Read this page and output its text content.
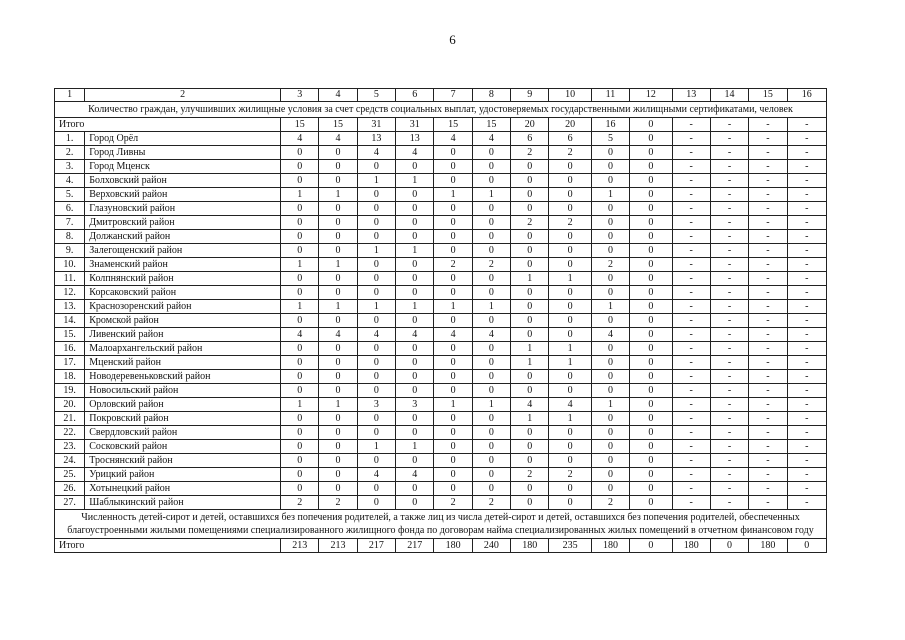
6
1	2	3	4	5	6	7	8	9	10	11	12	13	14	15	16
Количество граждан, улучшивших жилищные условия за счет средств социальных выплат, удостоверяемых государственными жилищными сертификатами, человек															
Итого		15	15	31	31	15	15	20	20	16	0	-	-	-	-
1.	Город Орёл	4	4	13	13	4	4	6	6	5	0	-	-	-	-
2.	Город Ливны	0	0	4	4	0	0	2	2	0	0	-	-	-	-
3.	Город Мценск	0	0	0	0	0	0	0	0	0	0	-	-	-	-
4.	Болховский район	0	0	1	1	0	0	0	0	0	0	-	-	-	-
5.	Верховский район	1	1	0	0	1	1	0	0	1	0	-	-	-	-
6.	Глазуновский район	0	0	0	0	0	0	0	0	0	0	-	-	-	-
7.	Дмитровский район	0	0	0	0	0	0	2	2	0	0	-	-	-	-
8.	Должанский район	0	0	0	0	0	0	0	0	0	0	-	-	-	-
9.	Залегощенский район	0	0	1	1	0	0	0	0	0	0	-	-	-	-
10.	Знаменский район	1	1	0	0	2	2	0	0	2	0	-	-	-	-
11.	Колпнянский район	0	0	0	0	0	0	1	1	0	0	-	-	-	-
12.	Корсаковский район	0	0	0	0	0	0	0	0	0	0	-	-	-	-
13.	Краснозоренский район	1	1	1	1	1	1	0	0	1	0	-	-	-	-
14.	Кромской район	0	0	0	0	0	0	0	0	0	0	-	-	-	-
15.	Ливенский район	4	4	4	4	4	4	0	0	4	0	-	-	-	-
16.	Малоархангельский район	0	0	0	0	0	0	1	1	0	0	-	-	-	-
17.	Мценский район	0	0	0	0	0	0	1	1	0	0	-	-	-	-
18.	Новодеревеньковский район	0	0	0	0	0	0	0	0	0	0	-	-	-	-
19.	Новосильский район	0	0	0	0	0	0	0	0	0	0	-	-	-	-
20.	Орловский район	1	1	3	3	1	1	4	4	1	0	-	-	-	-
21.	Покровский район	0	0	0	0	0	0	1	1	0	0	-	-	-	-
22.	Свердловский район	0	0	0	0	0	0	0	0	0	0	-	-	-	-
23.	Сосковский район	0	0	1	1	0	0	0	0	0	0	-	-	-	-
24.	Троснянский район	0	0	0	0	0	0	0	0	0	0	-	-	-	-
25.	Урицкий район	0	0	4	4	0	0	2	2	0	0	-	-	-	-
26.	Хотынецкий район	0	0	0	0	0	0	0	0	0	0	-	-	-	-
27.	Шаблыкинский район	2	2	0	0	2	2	0	0	2	0	-	-	-	-
Численность детей-сирот и детей, оставшихся без попечения родителей, а также лиц из числа детей-сирот и детей, оставшихся без попечения родителей, обеспеченных благоустроенными жилыми помещениями специализированного жилищного фонда по договорам найма специализированных жилых помещений в отчетном финансовом году															
Итого		213	213	217	217	180	240	180	235	180	0	180	0	180	0
